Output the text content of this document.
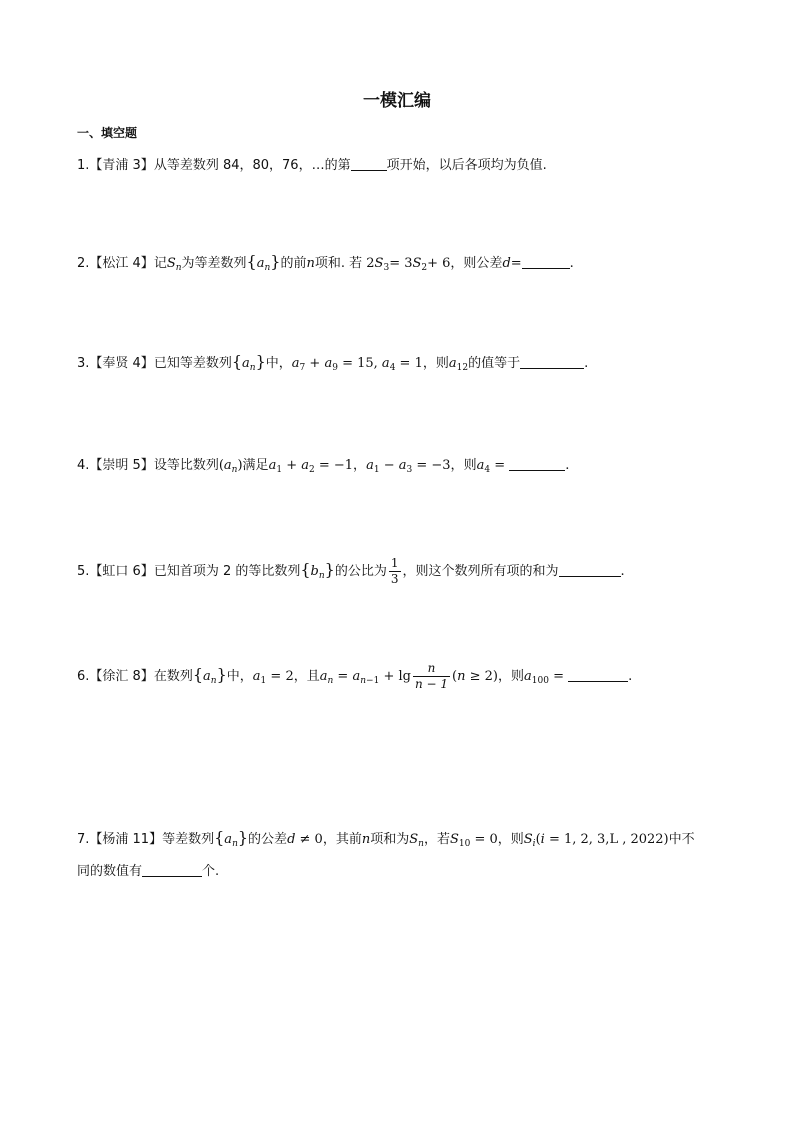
一模汇编
一、填空题
1.【青浦 3】从等差数列 84，80，76，…的第	项开始，以后各项均为负值.
2.【松江 4】记$S_n$为等差数列$\{a_n\}$的前n项和. 若 $2S_3= 3S_2+ 6$，则公差d=	.
3.【奉贤 4】已知等差数列$\{a_n\}$中，$a_7 + a_9 = 15$, $a_4 = 1$，则$a_{12}$的值等于	.
4.【崇明 5】设等比数列$(a_n)$满足$a_1 + a_2 = -1$，$a_1 - a_3 = -3$，则$a_4$ =	.
5.【虹口 6】已知首项为 2 的等比数列$\{b_n\}$的公比为 $\frac{1}{3}$ ，则这个数列所有项的和为	.
6.【徐汇 8】在数列$\{a_n\}$中，$a_1 = 2$，且$a_n = a_{n-1} + \lg \frac{n}{n - 1} (n \ge 2)$，则$a_{100}$ =	.
7.【杨浦 11】等差数列$\{a_n\}$的公差d ≠ 0，其前n项和为$S_n$，若$S_{10} = 0$，则$S_i(i = 1$, 2, 3,L , 2022)中不
同的数值有	个.
